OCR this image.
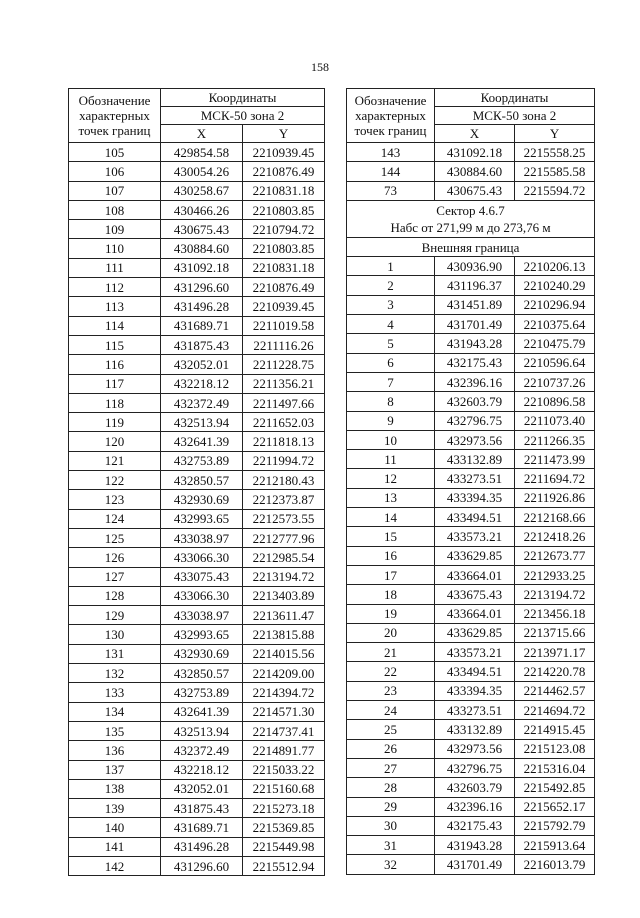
158
Обозначение
характерных
точек границ	Координаты	
	МСК-50 зона 2	
	X	Y
105	429854.58	2210939.45
106	430054.26	2210876.49
107	430258.67	2210831.18
108	430466.26	2210803.85
109	430675.43	2210794.72
110	430884.60	2210803.85
111	431092.18	2210831.18
112	431296.60	2210876.49
113	431496.28	2210939.45
114	431689.71	2211019.58
115	431875.43	2211116.26
116	432052.01	2211228.75
117	432218.12	2211356.21
118	432372.49	2211497.66
119	432513.94	2211652.03
120	432641.39	2211818.13
121	432753.89	2211994.72
122	432850.57	2212180.43
123	432930.69	2212373.87
124	432993.65	2212573.55
125	433038.97	2212777.96
126	433066.30	2212985.54
127	433075.43	2213194.72
128	433066.30	2213403.89
129	433038.97	2213611.47
130	432993.65	2213815.88
131	432930.69	2214015.56
132	432850.57	2214209.00
133	432753.89	2214394.72
134	432641.39	2214571.30
135	432513.94	2214737.41
136	432372.49	2214891.77
137	432218.12	2215033.22
138	432052.01	2215160.68
139	431875.43	2215273.18
140	431689.71	2215369.85
141	431496.28	2215449.98
142	431296.60	2215512.94
Обозначение
характерных
точек границ	Координаты	
	МСК-50 зона 2	
	X	Y
143	431092.18	2215558.25
144	430884.60	2215585.58
73	430675.43	2215594.72

Сектор 4.6.7
Набс от 271,99 м до 273,76 м		

Внешняя граница		
1	430936.90	2210206.13
2	431196.37	2210240.29
3	431451.89	2210296.94
4	431701.49	2210375.64
5	431943.28	2210475.79
6	432175.43	2210596.64
7	432396.16	2210737.26
8	432603.79	2210896.58
9	432796.75	2211073.40
10	432973.56	2211266.35
11	433132.89	2211473.99
12	433273.51	2211694.72
13	433394.35	2211926.86
14	433494.51	2212168.66
15	433573.21	2212418.26
16	433629.85	2212673.77
17	433664.01	2212933.25
18	433675.43	2213194.72
19	433664.01	2213456.18
20	433629.85	2213715.66
21	433573.21	2213971.17
22	433494.51	2214220.78
23	433394.35	2214462.57
24	433273.51	2214694.72
25	433132.89	2214915.45
26	432973.56	2215123.08
27	432796.75	2215316.04
28	432603.79	2215492.85
29	432396.16	2215652.17
30	432175.43	2215792.79
31	431943.28	2215913.64
32	431701.49	2216013.79
